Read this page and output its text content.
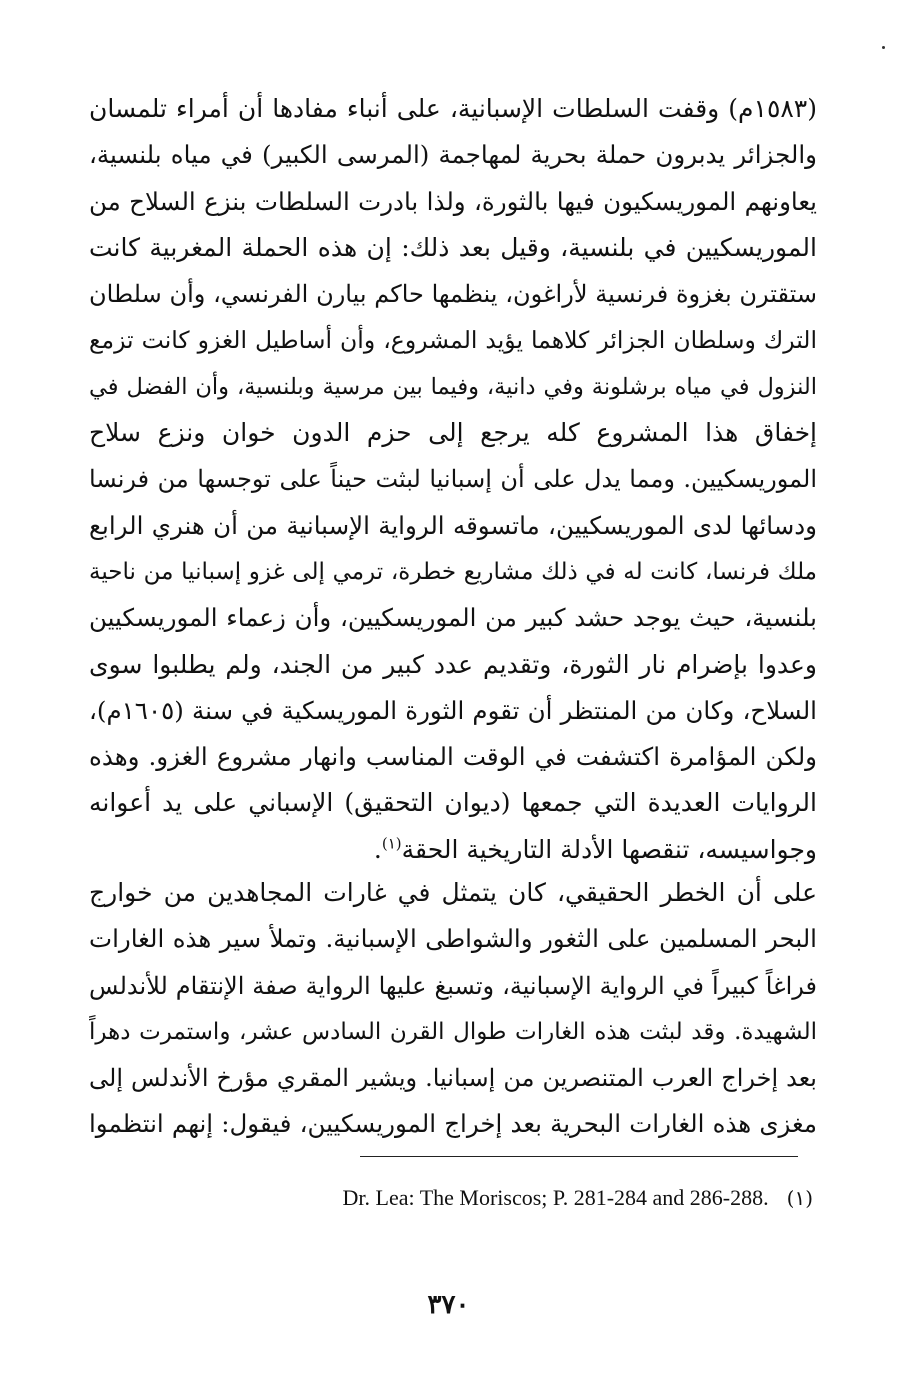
(١٥٨٣م) وقفت السلطات الإسبانية، على أنباء مفادها أن أمراء تلمسان
والجزائر يدبرون حملة بحرية لمهاجمة (المرسى الكبير) في مياه بلنسية،
يعاونهم الموريسكيون فيها بالثورة، ولذا بادرت السلطات بنزع السلاح من
الموريسكيين في بلنسية، وقيل بعد ذلك: إن هذه الحملة المغربية كانت
ستقترن بغزوة فرنسية لأراغون، ينظمها حاكم بيارن الفرنسي، وأن سلطان
الترك وسلطان الجزائر كلاهما يؤيد المشروع، وأن أساطيل الغزو كانت تزمع
النزول في مياه برشلونة وفي دانية، وفيما بين مرسية وبلنسية، وأن الفضل في
إخفاق هذا المشروع كله يرجع إلى حزم الدون خوان ونزع سلاح
الموريسكيين. ومما يدل على أن إسبانيا لبثت حيناً على توجسها من فرنسا
ودسائها لدى الموريسكيين، ماتسوقه الرواية الإسبانية من أن هنري الرابع
ملك فرنسا، كانت له في ذلك مشاريع خطرة، ترمي إلى غزو إسبانيا من ناحية
بلنسية، حيث يوجد حشد كبير من الموريسكيين، وأن زعماء الموريسكيين
وعدوا بإضرام نار الثورة، وتقديم عدد كبير من الجند، ولم يطلبوا سوى
السلاح، وكان من المنتظر أن تقوم الثورة الموريسكية في سنة (١٦٠٥م)،
ولكن المؤامرة اكتشفت في الوقت المناسب وانهار مشروع الغزو. وهذه
الروايات العديدة التي جمعها (ديوان التحقيق) الإسباني على يد أعوانه
وجواسيسه، تنقصها الأدلة التاريخية الحقة$^{(١)}$.
على أن الخطر الحقيقي، كان يتمثل في غارات المجاهدين من خوارج
البحر المسلمين على الثغور والشواطى الإسبانية. وتملأ سير هذه الغارات
فراغاً كبيراً في الرواية الإسبانية، وتسبغ عليها الرواية صفة الإنتقام للأندلس
الشهيدة. وقد لبثت هذه الغارات طوال القرن السادس عشر، واستمرت دهراً
بعد إخراج العرب المتنصرين من إسبانيا. ويشير المقري مؤرخ الأندلس إلى
مغزى هذه الغارات البحرية بعد إخراج الموريسكيين، فيقول: إنهم انتظموا
Dr. Lea: The Moriscos; P. 281-284 and 286-288. (١)
٣٧٠
